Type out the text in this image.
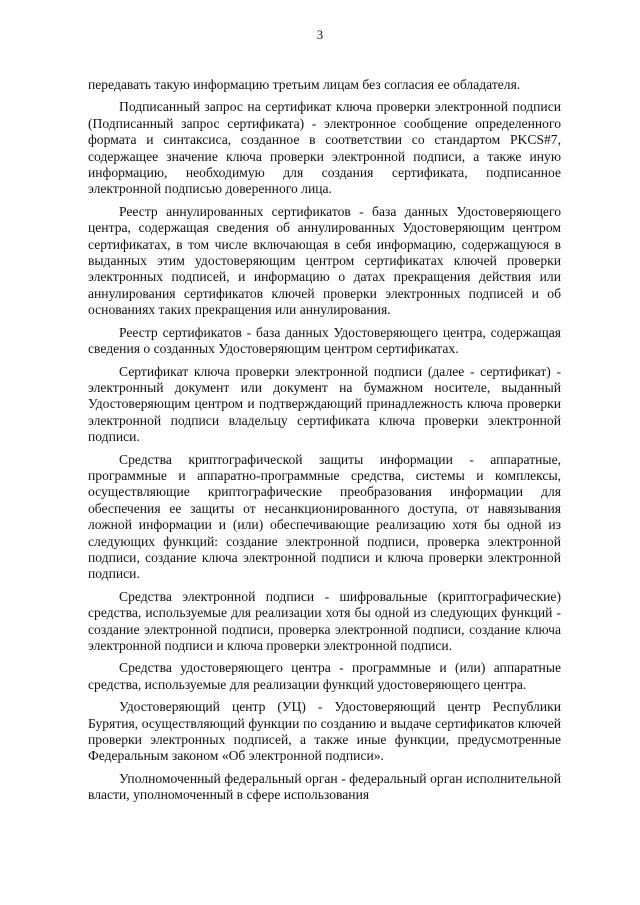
3

передавать такую информацию третьим лицам без согласия ее обладателя.

Подписанный запрос на сертификат ключа проверки электронной подписи (Подписанный запрос сертификата) - электронное сообщение определенного формата и синтаксиса, созданное в соответствии со стандартом PKCS#7, содержащее значение ключа проверки электронной подписи, а также иную информацию, необходимую для создания сертификата, подписанное электронной подписью доверенного лица.

Реестр аннулированных сертификатов - база данных Удостоверяющего центра, содержащая сведения об аннулированных Удостоверяющим центром сертификатах, в том числе включающая в себя информацию, содержащуюся в выданных этим удостоверяющим центром сертификатах ключей проверки электронных подписей, и информацию о датах прекращения действия или аннулирования сертификатов ключей проверки электронных подписей и об основаниях таких прекращения или аннулирования.

Реестр сертификатов - база данных Удостоверяющего центра, содержащая сведения о созданных Удостоверяющим центром сертификатах.

Сертификат ключа проверки электронной подписи (далее - сертификат) - электронный документ или документ на бумажном носителе, выданный Удостоверяющим центром и подтверждающий принадлежность ключа проверки электронной подписи владельцу сертификата ключа проверки электронной подписи.

Средства криптографической защиты информации - аппаратные, программные и аппаратно-программные средства, системы и комплексы, осуществляющие криптографические преобразования информации для обеспечения ее защиты от несанкционированного доступа, от навязывания ложной информации и (или) обеспечивающие реализацию хотя бы одной из следующих функций: создание электронной подписи, проверка электронной подписи, создание ключа электронной подписи и ключа проверки электронной подписи.

Средства электронной подписи - шифровальные (криптографические) средства, используемые для реализации хотя бы одной из следующих функций - создание электронной подписи, проверка электронной подписи, создание ключа электронной подписи и ключа проверки электронной подписи.

Средства удостоверяющего центра - программные и (или) аппаратные средства, используемые для реализации функций удостоверяющего центра.

Удостоверяющий центр (УЦ) - Удостоверяющий центр Республики Бурятия, осуществляющий функции по созданию и выдаче сертификатов ключей проверки электронных подписей, а также иные функции, предусмотренные Федеральным законом «Об электронной подписи».

Уполномоченный федеральный орган - федеральный орган исполнительной власти, уполномоченный в сфере использования
